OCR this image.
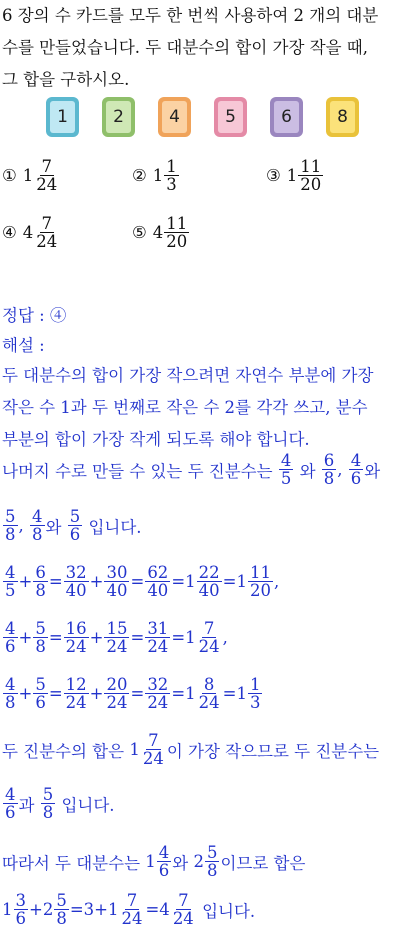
6 장의 수 카드를 모두 한 번씩 사용하여 2 개의 대분
수를 만들었습니다. 두 대분수의 합이 가장 작을 때,
그 합을 구하시오.
1	2	4	5	6	8
① $1 \frac{7}{24}$	② $1 \frac{1}{3}$	③ $1 \frac{11}{20}$
④ $4 \frac{7}{24}$	⑤ $4 \frac{11}{20}$
정답 : ④
해설 :
두 대분수의 합이 가장 작으려면 자연수 부분에 가장
작은 수 1과 두 번째로 작은 수 2를 각각 쓰고, 분수
부분의 합이 가장 작게 되도록 해야 합니다.
나머지 수로 만들 수 있는 두 진분수는
$\frac{4}{5}$
와
$\frac{6}{8}$ ,
$\frac{4}{6}$ 와
$\frac{5}{8}$ ,
$\frac{4}{8}$ 와
$\frac{5}{6}$
입니다.
$\frac{4}{5} + \frac{6}{8} = \frac{32}{40} + \frac{30}{40} = \frac{62}{40} = 1 \frac{22}{40} = 1 \frac{11}{20}$ ,
$\frac{4}{6} + \frac{5}{8} = \frac{16}{24} + \frac{15}{24} = \frac{31}{24} = 1 \frac{7}{24}$ ,
$\frac{4}{8} + \frac{5}{6} = \frac{12}{24} + \frac{20}{24} = \frac{32}{24} = 1 \frac{8}{24} = 1 \frac{1}{3}$
두 진분수의 합은 $1 \frac{7}{24}$ 이 가장 작으므로 두 진분수는
$\frac{4}{6}$ 과
$\frac{5}{8}$
입니다.
따라서 두 대분수는 $1 \frac{4}{6}$ 와 $2 \frac{5}{8}$ 이므로 합은
$1 \frac{3}{6} +2 \frac{5}{8} =3+1 \frac{7}{24} =4 \frac{7}{24}$
입니다.
